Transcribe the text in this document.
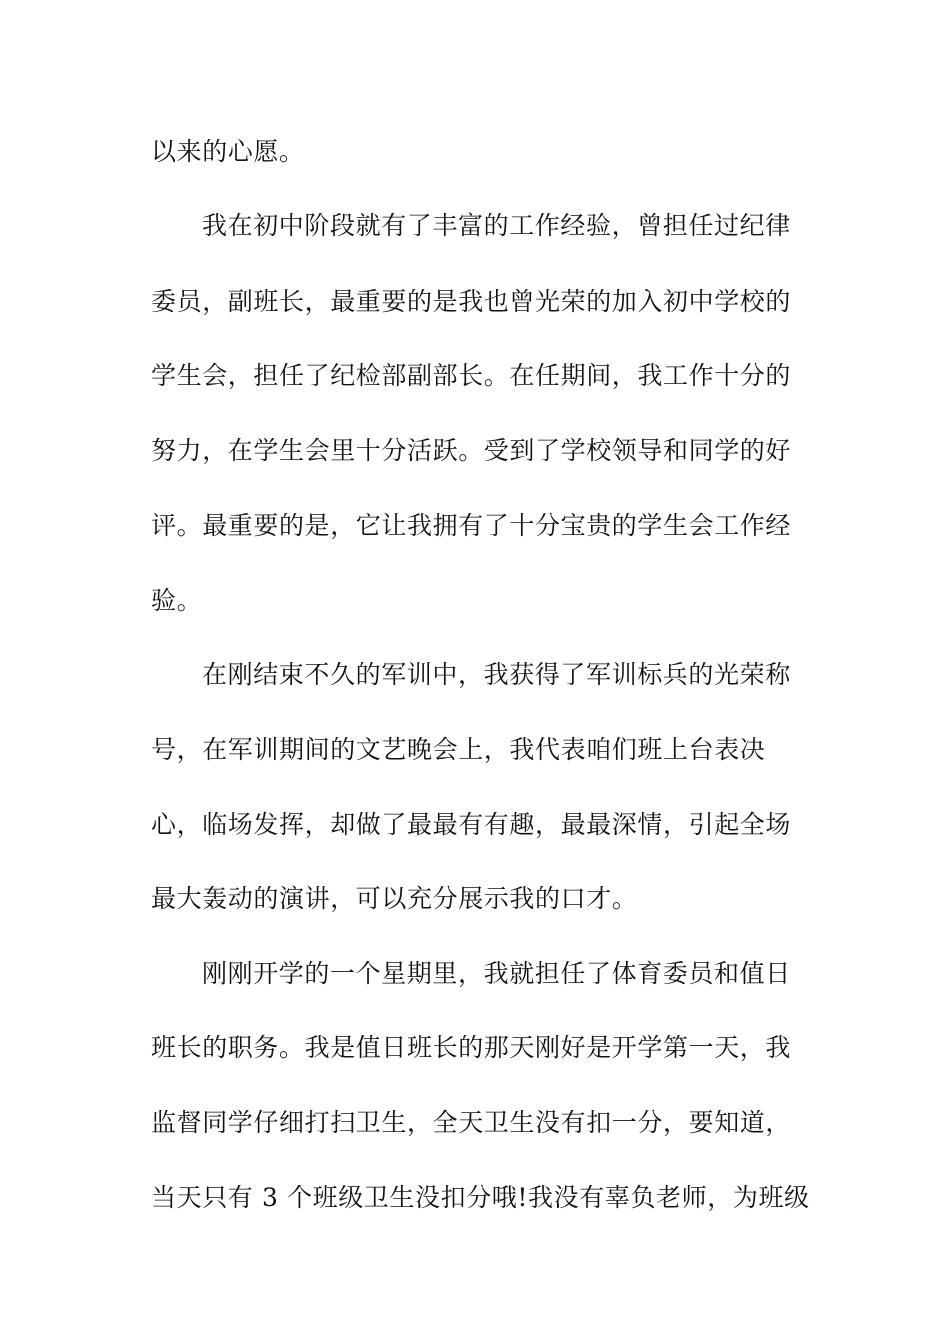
以来的心愿。
我在初中阶段就有了丰富的工作经验，曾担任过纪律
委员，副班长，最重要的是我也曾光荣的加入初中学校的
学生会，担任了纪检部副部长。在任期间，我工作十分的
努力，在学生会里十分活跃。受到了学校领导和同学的好
评。最重要的是，它让我拥有了十分宝贵的学生会工作经
验。
在刚结束不久的军训中，我获得了军训标兵的光荣称
号，在军训期间的文艺晚会上，我代表咱们班上台表决
心，临场发挥，却做了最最有有趣，最最深情，引起全场
最大轰动的演讲，可以充分展示我的口才。
刚刚开学的一个星期里，我就担任了体育委员和值日
班长的职务。我是值日班长的那天刚好是开学第一天，我
监督同学仔细打扫卫生，全天卫生没有扣一分，要知道，
当天只有 3 个班级卫生没扣分哦!我没有辜负老师，为班级
